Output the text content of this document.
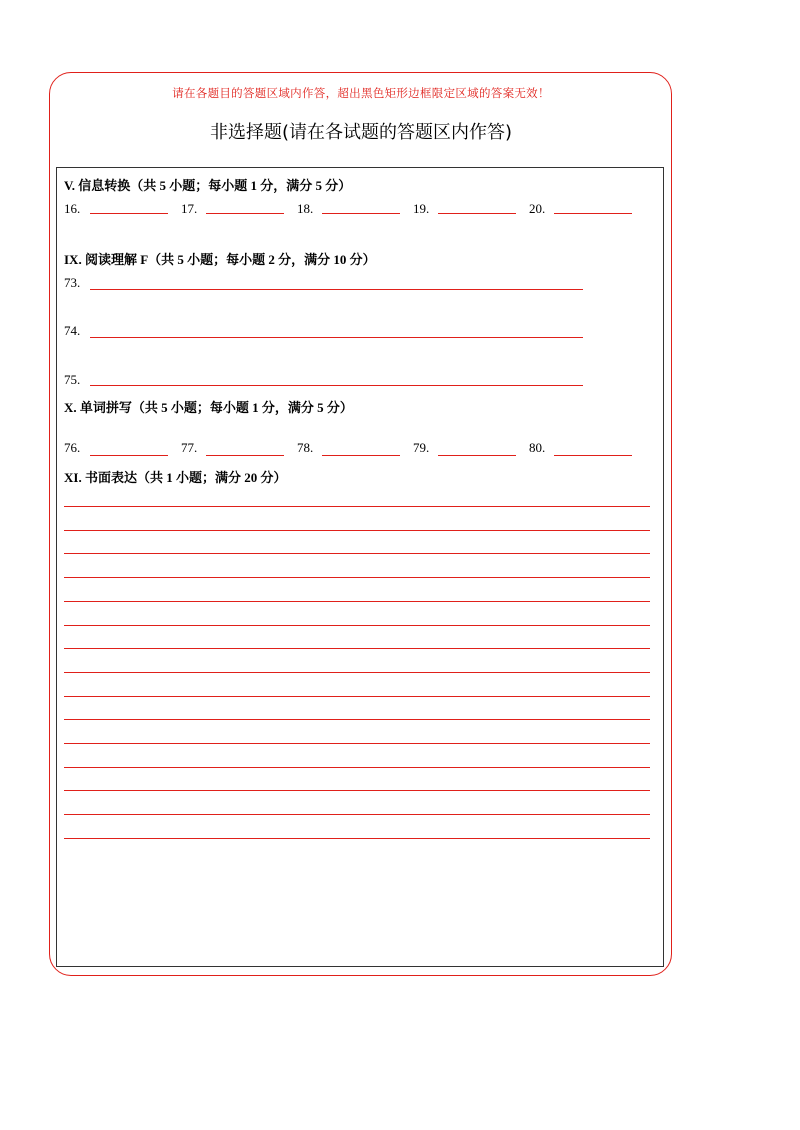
请在各题目的答题区域内作答，超出黑色矩形边框限定区域的答案无效！
非选择题(请在各试题的答题区内作答)
V. 信息转换（共 5 小题；每小题 1 分，满分 5 分）
16.	17.	18.	19.	20.
IX. 阅读理解 F（共 5 小题；每小题 2 分，满分 10 分）
73.
74.
75.
X. 单词拼写（共 5 小题；每小题 1 分，满分 5 分）
76.	77.	78.	79.	80.
XI. 书面表达（共 1 小题；满分 20 分）
